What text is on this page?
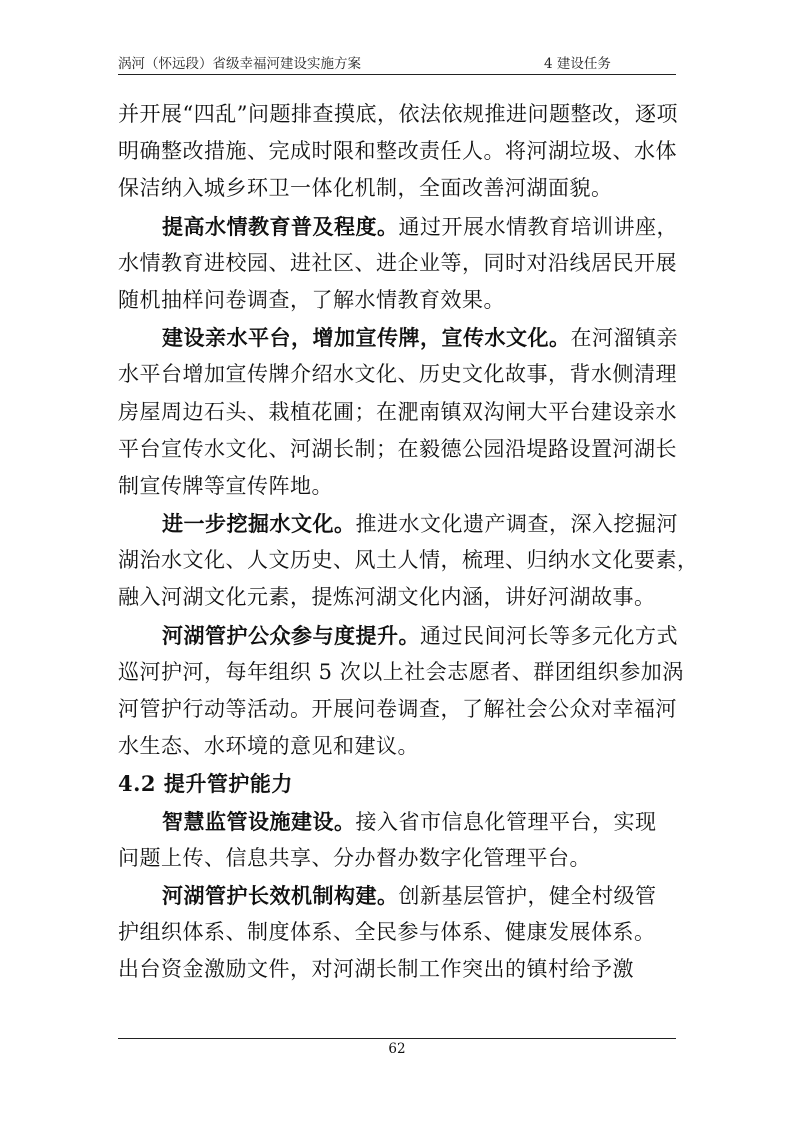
涡河（怀远段）省级幸福河建设实施方案	4 建设任务
并开展“四乱”问题排查摸底，依法依规推进问题整改，逐项
明确整改措施、完成时限和整改责任人。将河湖垃圾、水体
保洁纳入城乡环卫一体化机制，全面改善河湖面貌。
提高水情教育普及程度。通过开展水情教育培训讲座，
水情教育进校园、进社区、进企业等，同时对沿线居民开展
随机抽样问卷调查，了解水情教育效果。
建设亲水平台，增加宣传牌，宣传水文化。在河溜镇亲
水平台增加宣传牌介绍水文化、历史文化故事，背水侧清理
房屋周边石头、栽植花圃；在淝南镇双沟闸大平台建设亲水
平台宣传水文化、河湖长制；在毅德公园沿堤路设置河湖长
制宣传牌等宣传阵地。
进一步挖掘水文化。推进水文化遗产调查，深入挖掘河
湖治水文化、人文历史、风土人情，梳理、归纳水文化要素，
融入河湖文化元素，提炼河湖文化内涵，讲好河湖故事。
河湖管护公众参与度提升。通过民间河长等多元化方式
巡河护河，每年组织 5 次以上社会志愿者、群团组织参加涡
河管护行动等活动。开展问卷调查，了解社会公众对幸福河
水生态、水环境的意见和建议。
4.2 提升管护能力
智慧监管设施建设。接入省市信息化管理平台，实现
问题上传、信息共享、分办督办数字化管理平台。
河湖管护长效机制构建。创新基层管护，健全村级管
护组织体系、制度体系、全民参与体系、健康发展体系。
出台资金激励文件，对河湖长制工作突出的镇村给予激
62
